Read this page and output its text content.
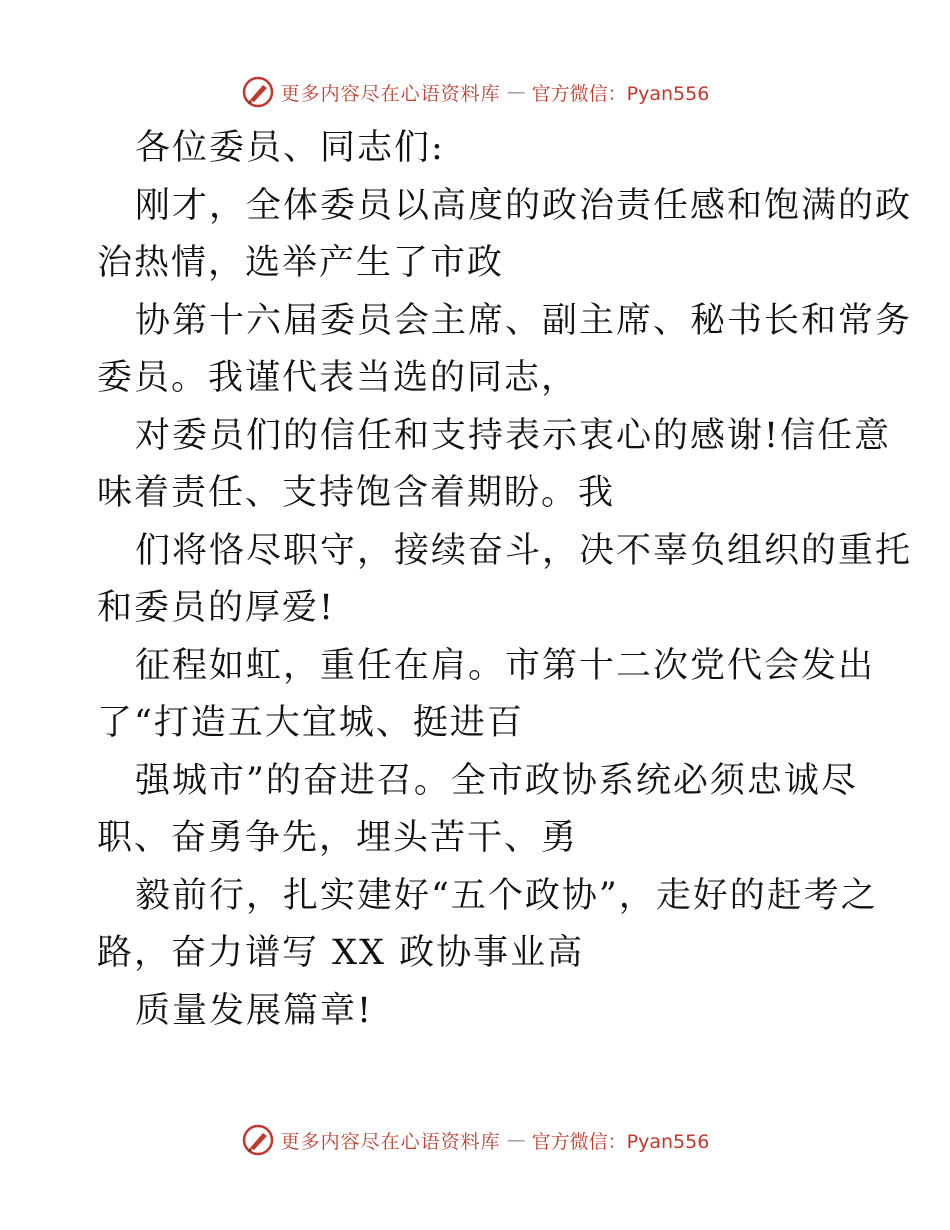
更多内容尽在心语资料库 — 官方微信：Pyan556
各位委员、同志们:
刚才，全体委员以高度的政治责任感和饱满的政
治热情，选举产生了市政
协第十六届委员会主席、副主席、秘书长和常务
委员。我谨代表当选的同志，
对委员们的信任和支持表示衷心的感谢!信任意
味着责任、支持饱含着期盼。我
们将恪尽职守，接续奋斗，决不辜负组织的重托
和委员的厚爱!
征程如虹，重任在肩。市第十二次党代会发出
了“打造五大宜城、挺进百
强城市”的奋进召。全市政协系统必须忠诚尽
职、奋勇争先，埋头苦干、勇
毅前行，扎实建好“五个政协”，走好的赶考之
路，奋力谱写 XX 政协事业高
质量发展篇章!
更多内容尽在心语资料库 — 官方微信：Pyan556
